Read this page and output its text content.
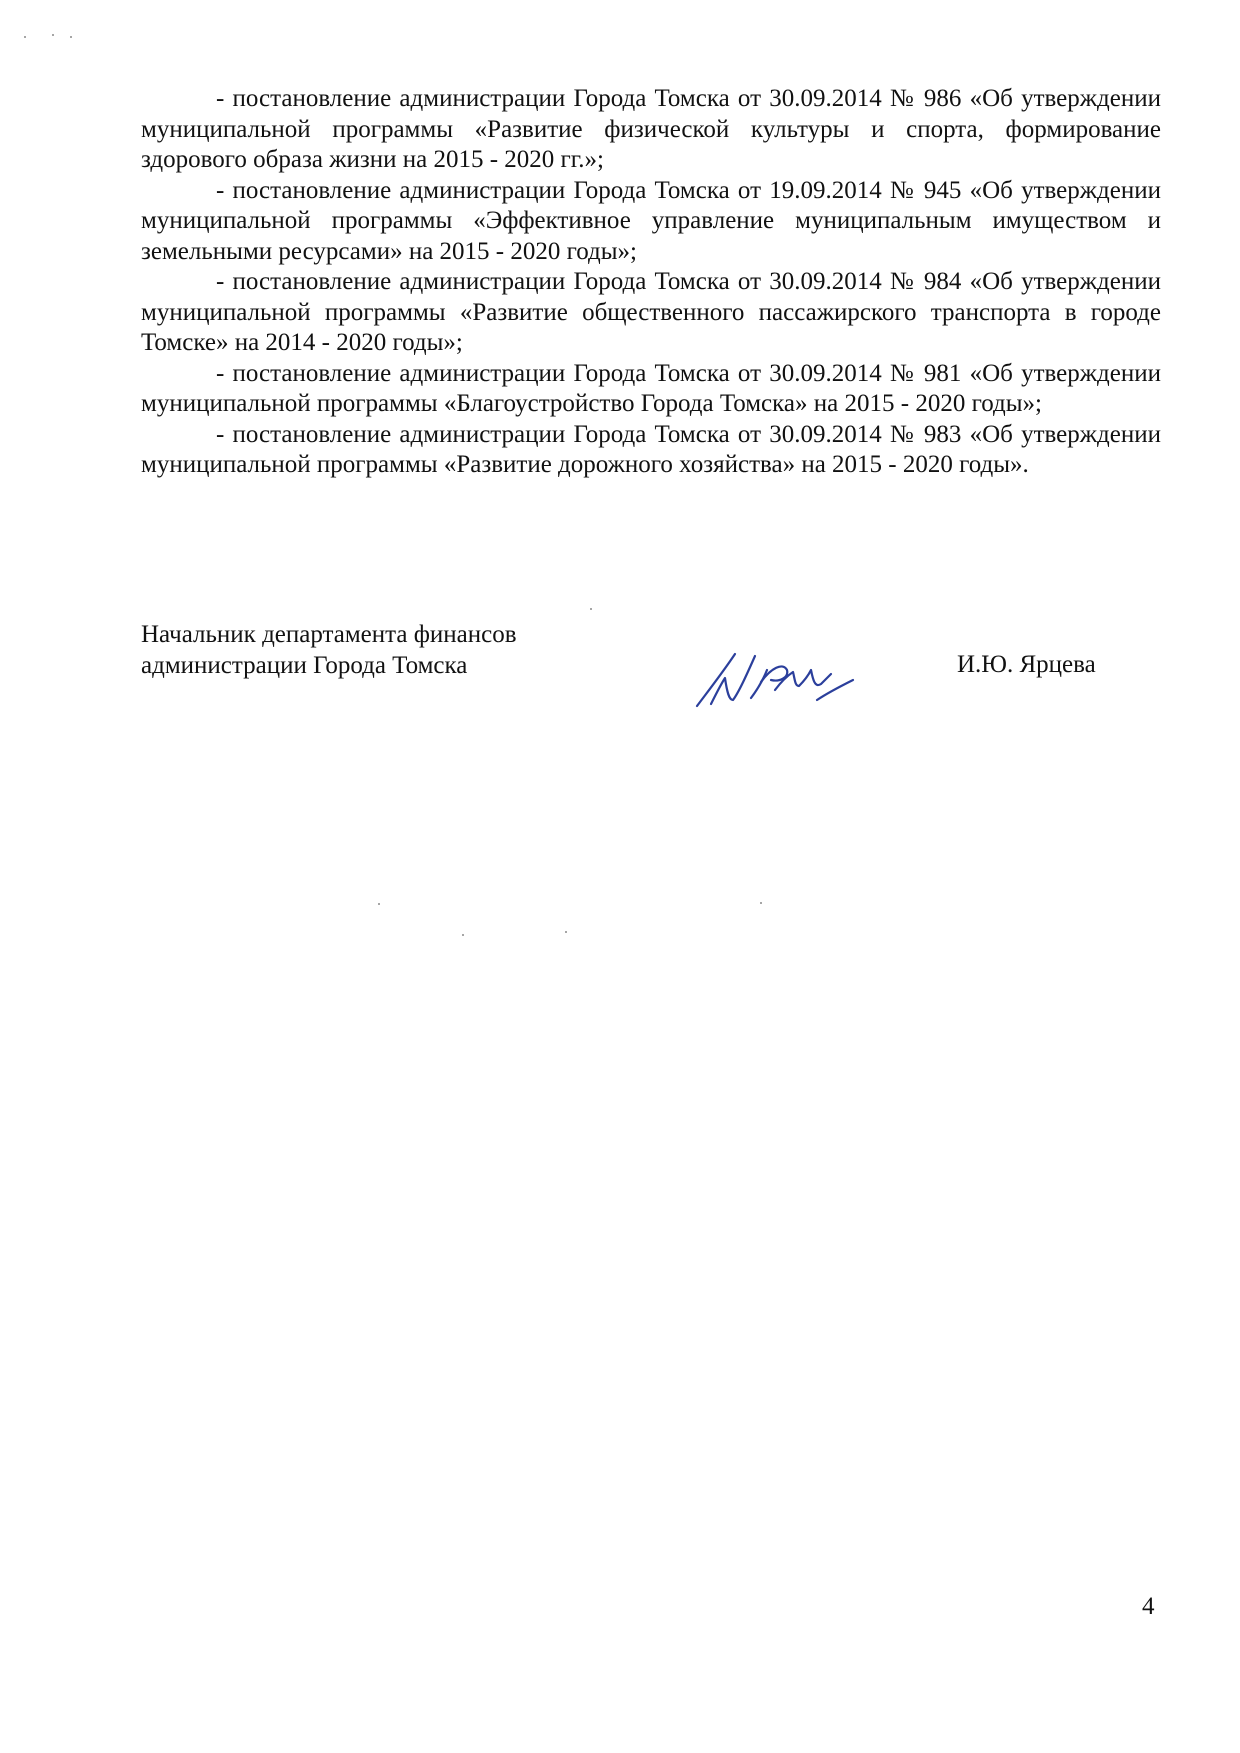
- постановление администрации Города Томска от 30.09.2014 № 986 «Об утверждении муниципальной программы «Развитие физической культуры и спорта, формирование здорового образа жизни на 2015 - 2020 гг.»;

- постановление администрации Города Томска от 19.09.2014 № 945 «Об утверждении муниципальной программы «Эффективное управление муниципальным имуществом и земельными ресурсами» на 2015 - 2020 годы»;

- постановление администрации Города Томска от 30.09.2014 № 984 «Об утверждении муниципальной программы «Развитие общественного пассажирского транспорта в городе Томске» на 2014 - 2020 годы»;

- постановление администрации Города Томска от 30.09.2014 № 981 «Об утверждении муниципальной программы «Благоустройство Города Томска» на 2015 - 2020 годы»;

- постановление администрации Города Томска от 30.09.2014 № 983 «Об утверждении муниципальной программы «Развитие дорожного хозяйства» на 2015 - 2020 годы».

Начальник департамента финансов
администрации Города Томска	И.Ю. Ярцева
4
